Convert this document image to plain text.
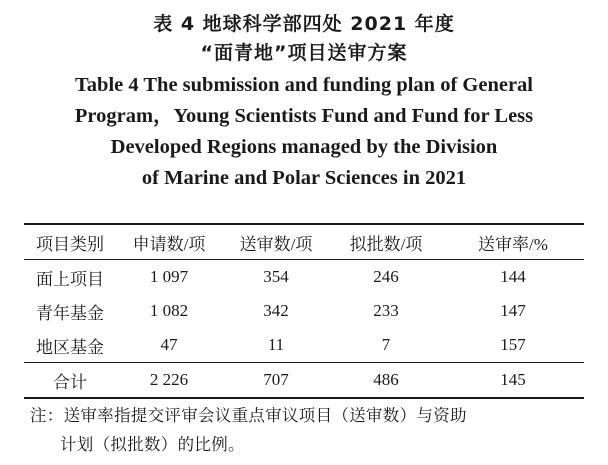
表 4 地球科学部四处 2021 年度
“面青地”项目送审方案
Table 4 The submission and funding plan of General
Program，Young Scientists Fund and Fund for Less
Developed Regions managed by the Division
of Marine and Polar Sciences in 2021
项目类别	申请数/项	送审数/项	拟批数/项	送审率/%
面上项目	1 097	354	246	144
青年基金	1 082	342	233	147
地区基金	47	11	7	157
合计	2 226	707	486	145
注：送审率指提交评审会议重点审议项目（送审数）与资助
计划（拟批数）的比例。
